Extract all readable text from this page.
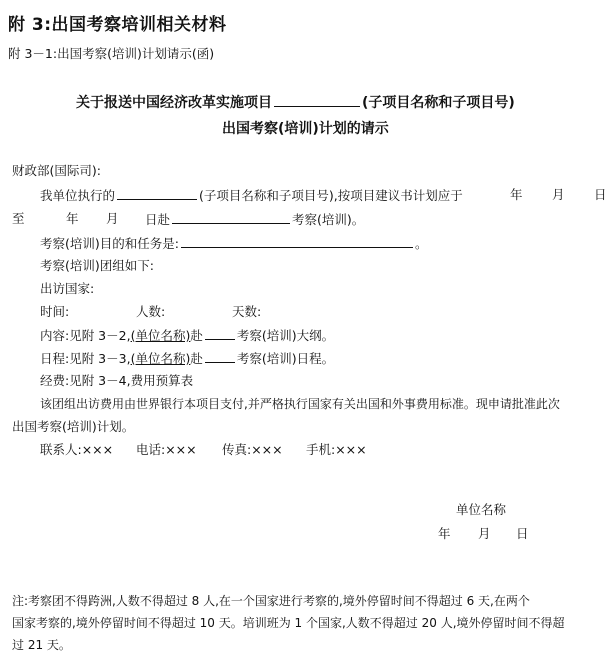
附 3:出国考察培训相关材料
附 3－1:出国考察(培训)计划请示(函)
关于报送中国经济改革实施项目	(子项目名称和子项目号)
出国考察(培训)计划的请示
财政部(国际司):
我单位执行的	(子项目名称和子项目号),按项目建议书计划应于	年 月 日
至	年 月 日赴	考察(培训)。
考察(培训)目的和任务是:	。
考察(培训)团组如下:
出访国家:
时间:	人数:	天数:
内容:见附 3－2,(单位名称)赴	考察(培训)大纲。
日程:见附 3－3,(单位名称)赴	考察(培训)日程。
经费:见附 3－4,费用预算表
该团组出访费用由世界银行本项目支付,并严格执行国家有关出国和外事费用标准。现申请批准此次
出国考察(培训)计划。
联系人:××× 电话:××× 传真:××× 手机:×××
单位名称
年 月 日
注:考察团不得跨洲,人数不得超过 8 人,在一个国家进行考察的,境外停留时间不得超过 6 天,在两个
国家考察的,境外停留时间不得超过 10 天。培训班为 1 个国家,人数不得超过 20 人,境外停留时间不得超
过 21 天。
